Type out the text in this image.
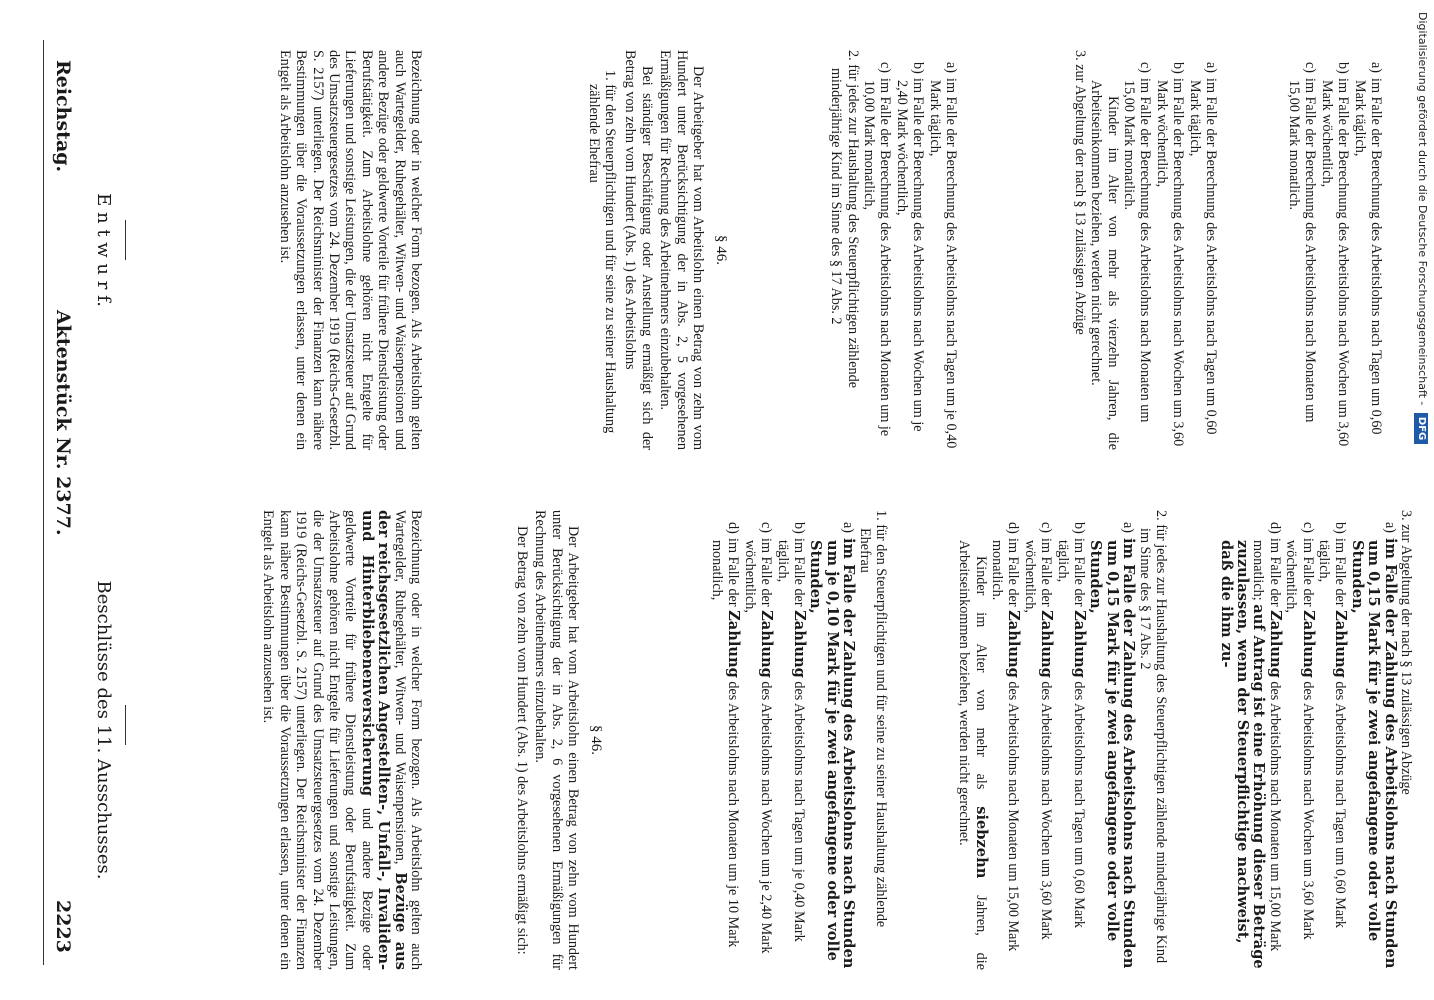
Reichstag.
Aktenstück Nr. 2377.
2223
E n t w u r f.
Beschlüsse des 11. Ausschusses.
Bezeichnung oder in welcher Form bezogen. Als Arbeitslohn gelten auch Wartegelder, Ruhegehälter, Witwen- und Waisenpensionen und andere Bezüge oder geldwerte Vorteile für frühere Dienstleistung oder Berufstätigkeit. Zum Arbeitslohne gehören nicht Entgelte für Lieferungen und sonstige Leistungen, die der Umsatzsteuer auf Grund des Umsatzsteuergesetzes vom 24. Dezember 1919 (Reichs-Gesetzbl. S. 2157) unterliegen. Der Reichsminister der Finanzen kann nähere Bestimmungen über die Voraussetzungen erlassen, unter denen ein Entgelt als Arbeitslohn anzusehen ist.	§ 46.
Der Arbeitgeber hat vom Arbeitslohn einen Betrag von zehn vom Hundert unter Berücksichtigung der in Abs. 2, 5 vorgesehenen Ermäßigungen für Rechnung des Arbeitnehmers einzubehalten.
Bei ständiger Beschäftigung oder Anstellung ermäßigt sich der Betrag von zehn vom Hundert (Abs. 1) des Arbeitslohns
1. für den Steuerpflichtigen und für seine zu seiner Haushaltung zählende Ehefrau
a)im Falle der Berechnung des Arbeitslohns nach Tagen um je 0,40 Mark täglich,
b)im Falle der Berechnung des Arbeitslohns nach Wochen um je 2,40 Mark wöchentlich,
c)im Falle der Berechnung des Arbeitslohns nach Monaten um je 10,00 Mark monatlich,
2. für jedes zur Haushaltung des Steuerpflichtigen zählende minderjährige Kind im Sinne des § 17 Abs. 2
a)im Falle der Berechnung des Arbeitslohns nach Tagen um 0,60 Mark täglich,
b)im Falle der Berechnung des Arbeitslohns nach Wochen um 3,60 Mark wöchentlich,
c)im Falle der Berechnung des Arbeitslohns nach Monaten um 15,00 Mark monatlich.
Kinder im Alter von mehr als vierzehn Jahren, die Arbeitseinkommen beziehen, werden nicht gerechnet.
3. zur Abgeltung der nach § 13 zulässigen Abzüge	a)im Falle der Berechnung des Arbeitslohns nach Tagen um 0,60 Mark täglich,
b)im Falle der Berechnung des Arbeitslohns nach Wochen um 3,60 Mark wöchentlich,
c)im Falle der Berechnung des Arbeitslohns nach Monaten um 15,00 Mark monatlich.
Bezeichnung oder in welcher Form bezogen. Als Arbeitslohn gelten auch Wartegelder, Ruhegehälter, Witwen- und Waisenpensionen, Bezüge aus der reichsgesetzlichen Angestellten-, Unfall-, Invaliden- und Hinterbliebenenversicherung und andere Bezüge oder geldwerte Vorteile für frühere Dienstleistung oder Berufstätigkeit. Zum Arbeitslohne gehören nicht Entgelte für Lieferungen und sonstige Leistungen, die der Umsatzsteuer auf Grund des Umsatzsteuergesetzes vom 24. Dezember 1919 (Reichs-Gesetzbl. S. 2157) unterliegen. Der Reichsminister der Finanzen kann nähere Bestimmungen über die Voraussetzungen erlassen, unter denen ein Entgelt als Arbeitslohn anzusehen ist.
§ 46.
Der Arbeitgeber hat vom Arbeitslohn einen Betrag von zehn vom Hundert unter Berücksichtigung der in Abs. 2, 6 vorgesehenen Ermäßigungen für Rechnung des Arbeitnehmers einzubehalten.
Der Betrag von zehn vom Hundert (Abs. 1) des Arbeitslohns ermäßigt sich:	1. für den Steuerpflichtigen und für seine zu seiner Haushaltung zählende Ehefrau
a)im Falle der Zahlung des Arbeitslohns nach Stunden um je 0,10 Mark für je zwei angefangene oder volle Stunden,
b)im Falle der Zahlung des Arbeitslohns nach Tagen um je 0,40 Mark täglich,
c)im Falle der Zahlung des Arbeitslohns nach Wochen um je 2,40 Mark wöchentlich,
d)im Falle der Zahlung des Arbeitslohns nach Monaten um je 10 Mark monatlich,	2. für jedes zur Haushaltung des Steuerpflichtigen zählende minderjährige Kind im Sinne des § 17 Abs. 2
a)im Falle der Zahlung des Arbeitslohns nach Stunden um 0,15 Mark für je zwei angefangene oder volle Stunden,
b)im Falle der Zahlung des Arbeitslohns nach Tagen um 0,60 Mark täglich,
c)im Falle der Zahlung des Arbeitslohns nach Wochen um 3,60 Mark wöchentlich,
d)im Falle der Zahlung des Arbeitslohns nach Monaten um 15,00 Mark monatlich.
Kinder im Alter von mehr als siebzehn Jahren, die Arbeitseinkommen beziehen, werden nicht gerechnet.	3. zur Abgeltung der nach § 13 zulässigen Abzüge
a)im Falle der Zahlung des Arbeitslohns nach Stunden um 0,15 Mark für je zwei angefangene oder volle Stunden,
b)im Falle der Zahlung des Arbeitslohns nach Tagen um 0,60 Mark täglich,
c)im Falle der Zahlung des Arbeitslohns nach Wochen um 3,60 Mark wöchentlich,
d)im Falle der Zahlung des Arbeitslohns nach Monaten um 15,00 Mark monatlich; auf Antrag ist eine Erhöhung dieser Beträge zuzulassen, wenn der Steuerpflichtige nachweist, daß die ihm zu-
Digitalisierung gefördert durch die Deutsche Forschungsgemeinschaft - DFG
